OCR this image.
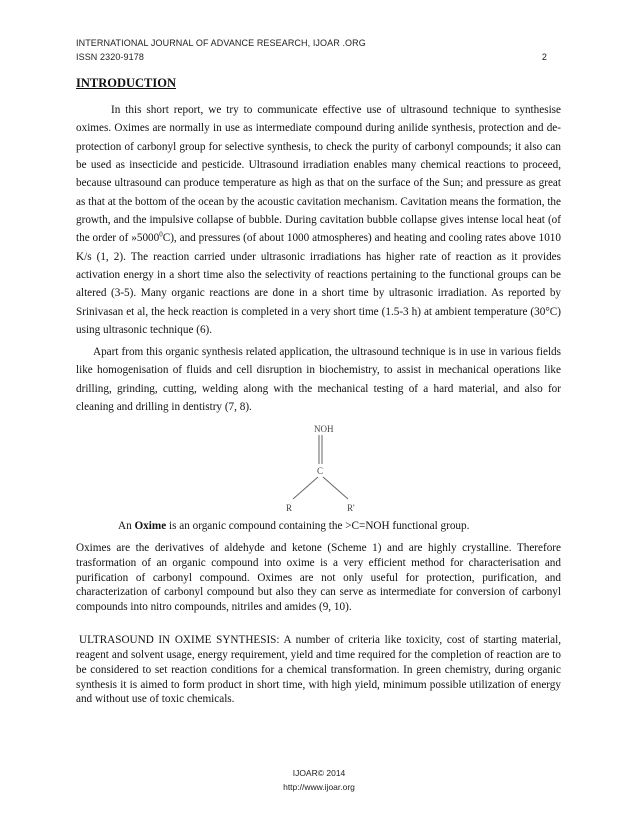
INTERNATIONAL JOURNAL OF ADVANCE RESEARCH, IJOAR .ORG
ISSN 2320-9178	2
INTRODUCTION

In this short report, we try to communicate effective use of ultrasound technique to synthesise oximes. Oximes are normally in use as intermediate compound during anilide synthesis, protection and de-protection of carbonyl group for selective synthesis, to check the purity of carbonyl compounds; it also can be used as insecticide and pesticide. Ultrasound irradiation enables many chemical reactions to proceed, because ultrasound can produce temperature as high as that on the surface of the Sun; and pressure as great as that at the bottom of the ocean by the acoustic cavitation mechanism. Cavitation means the formation, the growth, and the impulsive collapse of bubble. During cavitation bubble collapse gives intense local heat (of the order of »5000$^0$C), and pressures (of about 1000 atmospheres) and heating and cooling rates above 1010 K/s (1, 2). The reaction carried under ultrasonic irradiations has higher rate of reaction as it provides activation energy in a short time also the selectivity of reactions pertaining to the functional groups can be altered (3-5). Many organic reactions are done in a short time by ultrasonic irradiation. As reported by Srinivasan et al, the heck reaction is completed in a very short time (1.5-3 h) at ambient temperature (30°C) using ultrasonic technique (6).

Apart from this organic synthesis related application, the ultrasound technique is in use in various fields like homogenisation of fluids and cell disruption in biochemistry, to assist in mechanical operations like drilling, grinding, cutting, welding along with the mechanical testing of a hard material, and also for cleaning and drilling in dentistry (7, 8).

NOH
C
R	R'

An Oxime is an organic compound containing the >C=NOH functional group.

Oximes are the derivatives of aldehyde and ketone (Scheme 1) and are highly crystalline. Therefore trasformation of an organic compound into oxime is a very efficient method for characterisation and purification of carbonyl compound. Oximes are not only useful for protection, purification, and characterization of carbonyl compound but also they can serve as intermediate for conversion of carbonyl compounds into nitro compounds, nitriles and amides (9, 10).

ULTRASOUND IN OXIME SYNTHESIS: A number of criteria like toxicity, cost of starting material, reagent and solvent usage, energy requirement, yield and time required for the completion of reaction are to be considered to set reaction conditions for a chemical transformation. In green chemistry, during organic synthesis it is aimed to form product in short time, with high yield, minimum possible utilization of energy and without use of toxic chemicals.

IJOAR© 2014
http://www.ijoar.org
